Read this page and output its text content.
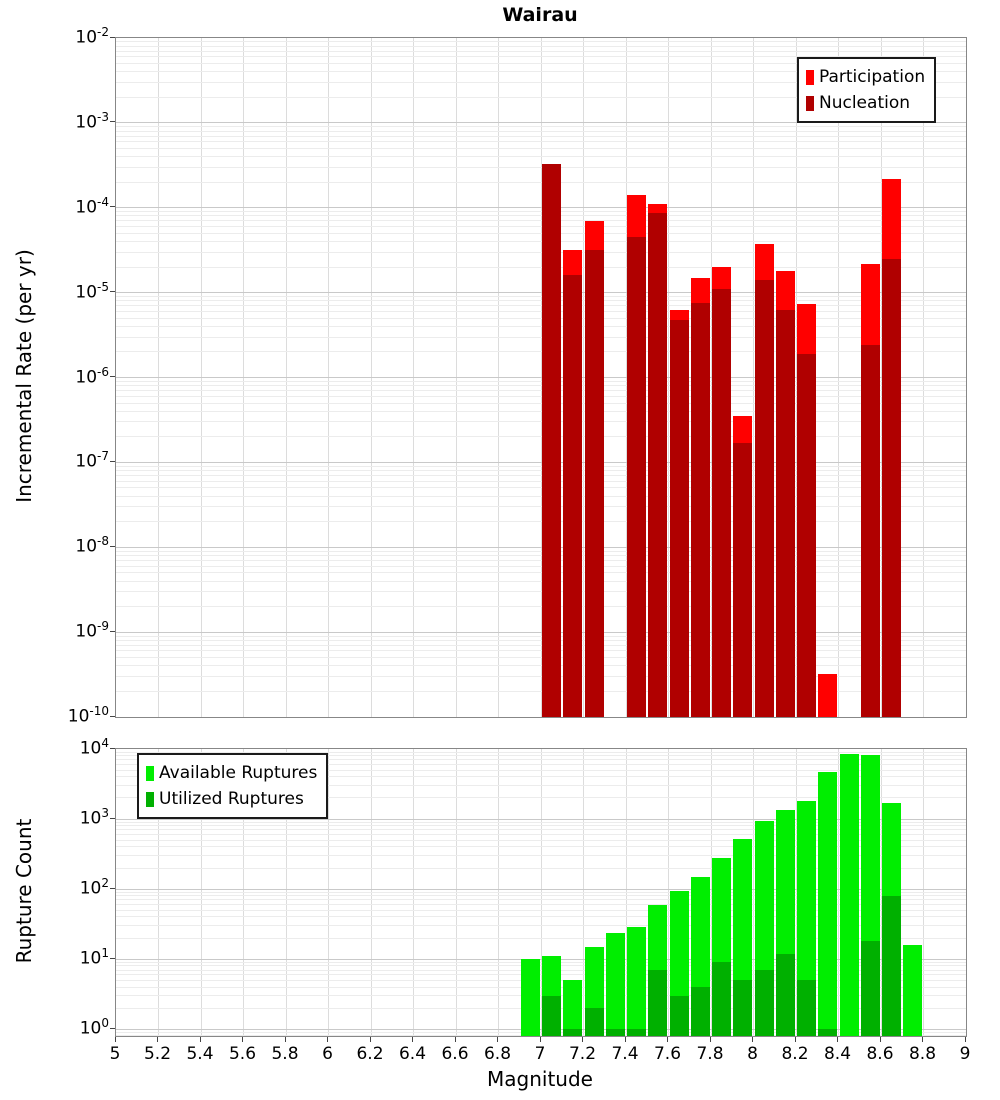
Wairau
Incremental Rate (per yr)
Rupture Count
Magnitude
$10^{-2}$
$10^{-3}$
$10^{-4}$
$10^{-5}$
$10^{-6}$
$10^{-7}$
$10^{-8}$
$10^{-9}$
$10^{-10}$
$10^4$
$10^3$
$10^2$
$10^1$
$10^0$
5 5.2 5.4 5.6 5.8 6 6.2 6.4 6.6 6.8 7 7.2 7.4 7.6 7.8 8 8.2 8.4 8.6 8.8 9
Participation
Nucleation
Available Ruptures
Utilized Ruptures
